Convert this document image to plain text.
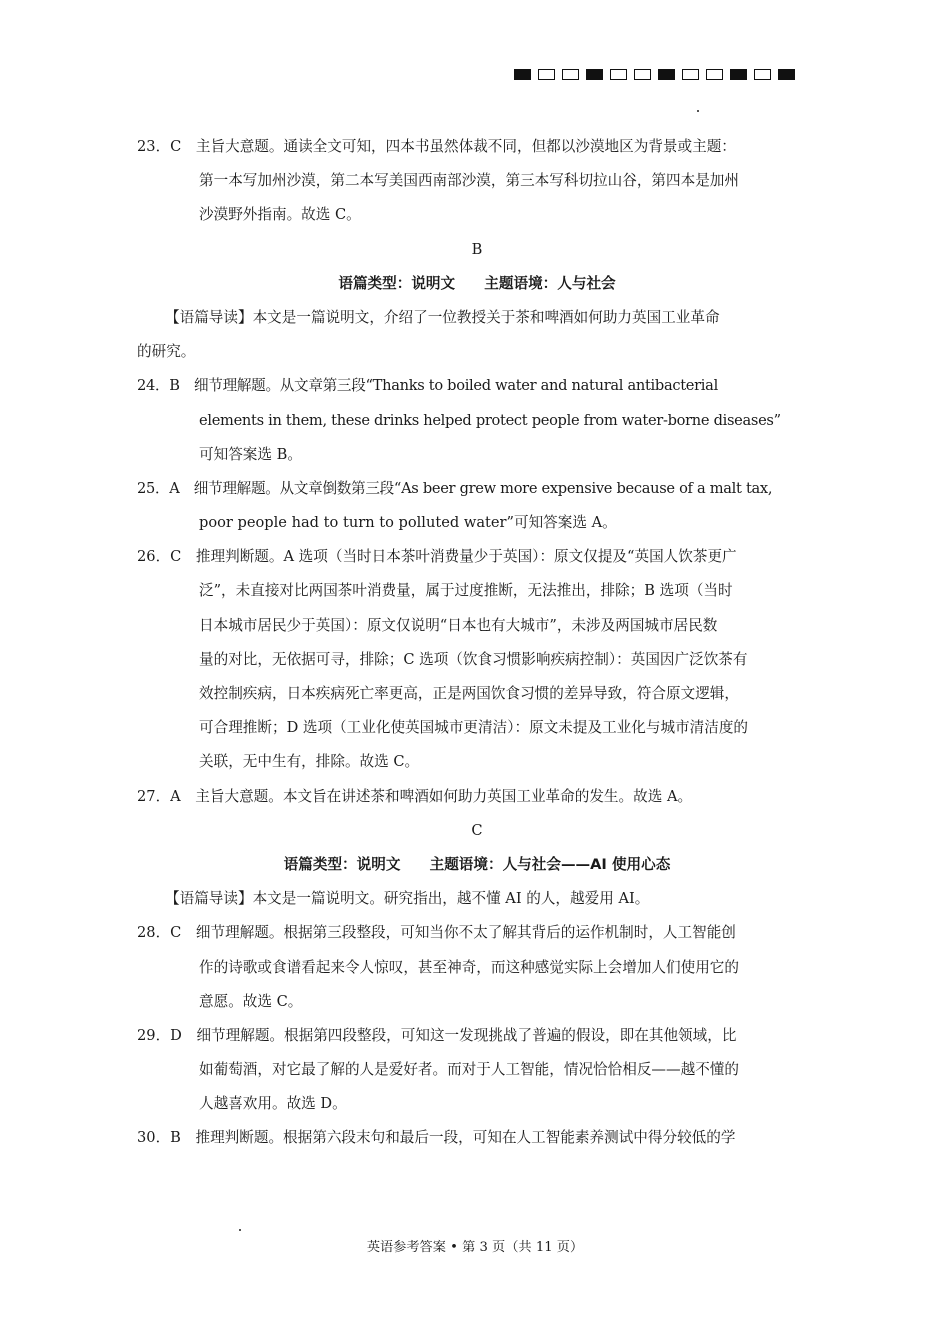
23．C　主旨大意题。通读全文可知，四本书虽然体裁不同，但都以沙漠地区为背景或主题：
第一本写加州沙漠，第二本写美国西南部沙漠，第三本写科切拉山谷，第四本是加州
沙漠野外指南。故选 C。
B
语篇类型：说明文　　主题语境：人与社会
【语篇导读】本文是一篇说明文，介绍了一位教授关于茶和啤酒如何助力英国工业革命
的研究。
24．B　细节理解题。从文章第三段“Thanks to boiled water and natural antibacterial
elements in them, these drinks helped protect people from water-borne diseases”
可知答案选 B。
25．A　细节理解题。从文章倒数第三段“As beer grew more expensive because of a malt tax,
poor people had to turn to polluted water”可知答案选 A。
26．C　推理判断题。A 选项（当时日本茶叶消费量少于英国）：原文仅提及“英国人饮茶更广
泛”，未直接对比两国茶叶消费量，属于过度推断，无法推出，排除；B 选项（当时
日本城市居民少于英国）：原文仅说明“日本也有大城市”，未涉及两国城市居民数
量的对比，无依据可寻，排除；C 选项（饮食习惯影响疾病控制）：英国因广泛饮茶有
效控制疾病，日本疾病死亡率更高，正是两国饮食习惯的差异导致，符合原文逻辑，
可合理推断；D 选项（工业化使英国城市更清洁）：原文未提及工业化与城市清洁度的
关联，无中生有，排除。故选 C。
27．A　主旨大意题。本文旨在讲述茶和啤酒如何助力英国工业革命的发生。故选 A。
C
语篇类型：说明文　　主题语境：人与社会——AI 使用心态
【语篇导读】本文是一篇说明文。研究指出，越不懂 AI 的人，越爱用 AI。
28．C　细节理解题。根据第三段整段，可知当你不太了解其背后的运作机制时，人工智能创
作的诗歌或食谱看起来令人惊叹，甚至神奇，而这种感觉实际上会增加人们使用它的
意愿。故选 C。
29．D　细节理解题。根据第四段整段，可知这一发现挑战了普遍的假设，即在其他领域，比
如葡萄酒，对它最了解的人是爱好者。而对于人工智能，情况恰恰相反——越不懂的
人越喜欢用。故选 D。
30．B　推理判断题。根据第六段末句和最后一段，可知在人工智能素养测试中得分较低的学
英语参考答案 • 第 3 页（共 11 页）
